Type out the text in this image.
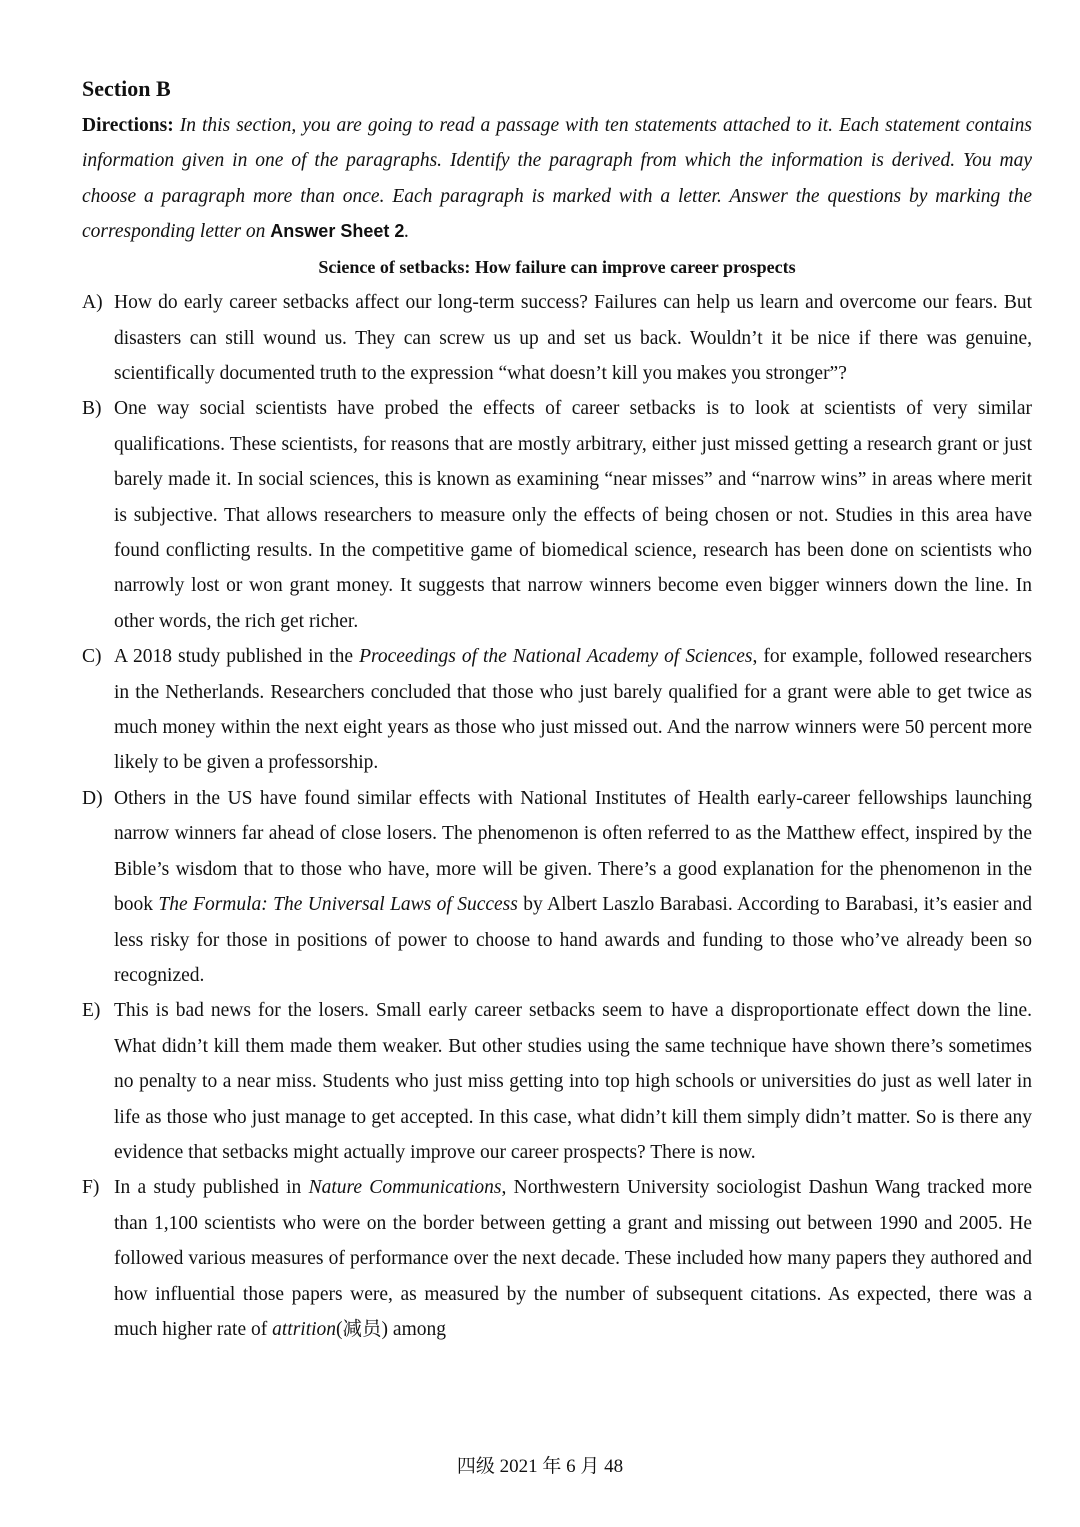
Section B

Directions: In this section, you are going to read a passage with ten statements attached to it. Each statement contains information given in one of the paragraphs. Identify the paragraph from which the information is derived. You may choose a paragraph more than once. Each paragraph is marked with a letter. Answer the questions by marking the corresponding letter on Answer Sheet 2.

Science of setbacks: How failure can improve career prospects

A) How do early career setbacks affect our long-term success? Failures can help us learn and overcome our fears. But disasters can still wound us. They can screw us up and set us back. Wouldn’t it be nice if there was genuine, scientifically documented truth to the expression “what doesn’t kill you makes you stronger”?

B) One way social scientists have probed the effects of career setbacks is to look at scientists of very similar qualifications. These scientists, for reasons that are mostly arbitrary, either just missed getting a research grant or just barely made it. In social sciences, this is known as examining “near misses” and “narrow wins” in areas where merit is subjective. That allows researchers to measure only the effects of being chosen or not. Studies in this area have found conflicting results. In the competitive game of biomedical science, research has been done on scientists who narrowly lost or won grant money. It suggests that narrow winners become even bigger winners down the line. In other words, the rich get richer.

C) A 2018 study published in the Proceedings of the National Academy of Sciences, for example, followed researchers in the Netherlands. Researchers concluded that those who just barely qualified for a grant were able to get twice as much money within the next eight years as those who just missed out. And the narrow winners were 50 percent more likely to be given a professorship.

D) Others in the US have found similar effects with National Institutes of Health early-career fellowships launching narrow winners far ahead of close losers. The phenomenon is often referred to as the Matthew effect, inspired by the Bible’s wisdom that to those who have, more will be given. There’s a good explanation for the phenomenon in the book The Formula: The Universal Laws of Success by Albert Laszlo Barabasi. According to Barabasi, it’s easier and less risky for those in positions of power to choose to hand awards and funding to those who’ve already been so recognized.

E) This is bad news for the losers. Small early career setbacks seem to have a disproportionate effect down the line. What didn’t kill them made them weaker. But other studies using the same technique have shown there’s sometimes no penalty to a near miss. Students who just miss getting into top high schools or universities do just as well later in life as those who just manage to get accepted. In this case, what didn’t kill them simply didn’t matter. So is there any evidence that setbacks might actually improve our career prospects? There is now.

F) In a study published in Nature Communications, Northwestern University sociologist Dashun Wang tracked more than 1,100 scientists who were on the border between getting a grant and missing out between 1990 and 2005. He followed various measures of performance over the next decade. These included how many papers they authored and how influential those papers were, as measured by the number of subsequent citations. As expected, there was a much higher rate of attrition(减员) among

四级 2021 年 6 月 48
